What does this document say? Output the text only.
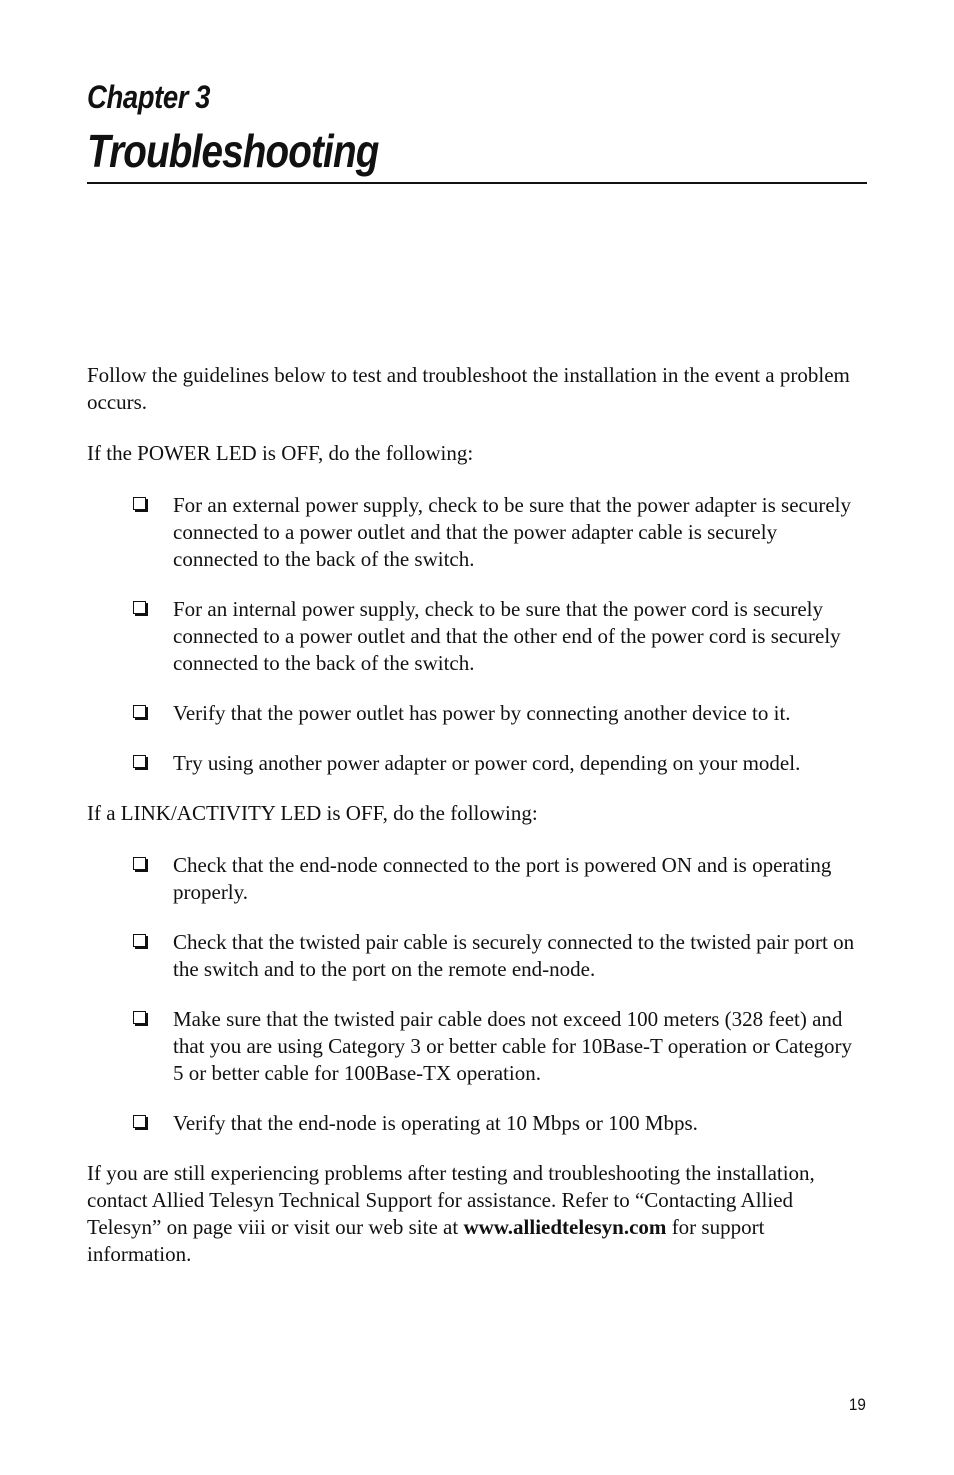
Chapter 3
Troubleshooting

Follow the guidelines below to test and troubleshoot the installation in the event a problem occurs.

If the POWER LED is OFF, do the following:

For an external power supply, check to be sure that the power adapter is securely connected to a power outlet and that the power adapter cable is securely connected to the back of the switch.
For an internal power supply, check to be sure that the power cord is securely connected to a power outlet and that the other end of the power cord is securely connected to the back of the switch.
Verify that the power outlet has power by connecting another device to it.
Try using another power adapter or power cord, depending on your model.

If a LINK/ACTIVITY LED is OFF, do the following:

Check that the end-node connected to the port is powered ON and is operating properly.
Check that the twisted pair cable is securely connected to the twisted pair port on the switch and to the port on the remote end-node.
Make sure that the twisted pair cable does not exceed 100 meters (328 feet) and that you are using Category 3 or better cable for 10Base-T operation or Category 5 or better cable for 100Base-TX operation.
Verify that the end-node is operating at 10 Mbps or 100 Mbps.

If you are still experiencing problems after testing and troubleshooting the installation, contact Allied Telesyn Technical Support for assistance. Refer to “Contacting Allied Telesyn” on page viii or visit our web site at www.alliedtelesyn.com for support information.

19
